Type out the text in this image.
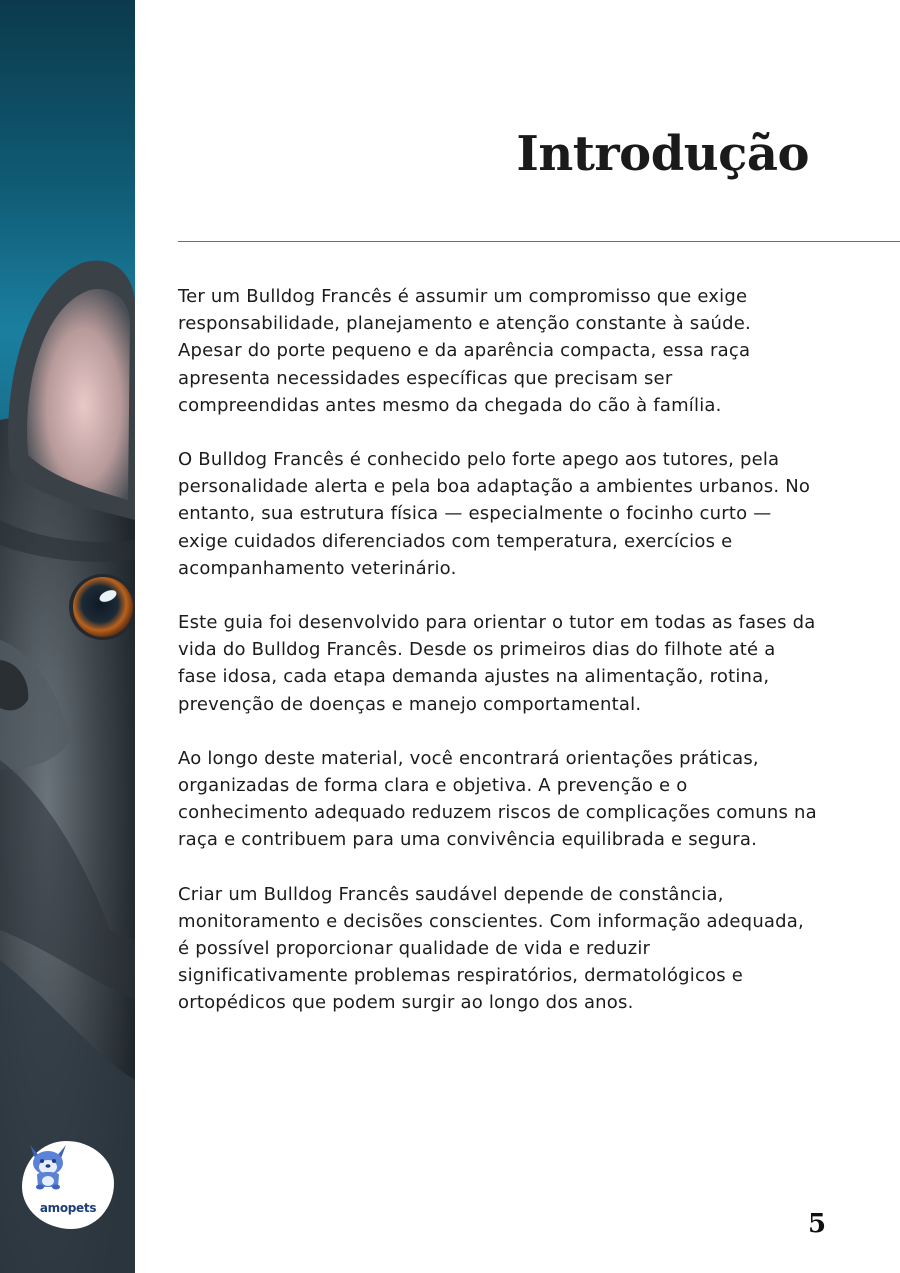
amopets
Introdução

Ter um Bulldog Francês é assumir um compromisso que exige responsabilidade, planejamento e atenção constante à saúde. Apesar do porte pequeno e da aparência compacta, essa raça apresenta necessidades específicas que precisam ser compreendidas antes mesmo da chegada do cão à família.

O Bulldog Francês é conhecido pelo forte apego aos tutores, pela personalidade alerta e pela boa adaptação a ambientes urbanos. No entanto, sua estrutura física — especialmente o focinho curto — exige cuidados diferenciados com temperatura, exercícios e acompanhamento veterinário.

Este guia foi desenvolvido para orientar o tutor em todas as fases da vida do Bulldog Francês. Desde os primeiros dias do filhote até a fase idosa, cada etapa demanda ajustes na alimentação, rotina, prevenção de doenças e manejo comportamental.

Ao longo deste material, você encontrará orientações práticas, organizadas de forma clara e objetiva. A prevenção e o conhecimento adequado reduzem riscos de complicações comuns na raça e contribuem para uma convivência equilibrada e segura.

Criar um Bulldog Francês saudável depende de constância, monitoramento e decisões conscientes. Com informação adequada, é possível proporcionar qualidade de vida e reduzir significativamente problemas respiratórios, dermatológicos e ortopédicos que podem surgir ao longo dos anos.

5
